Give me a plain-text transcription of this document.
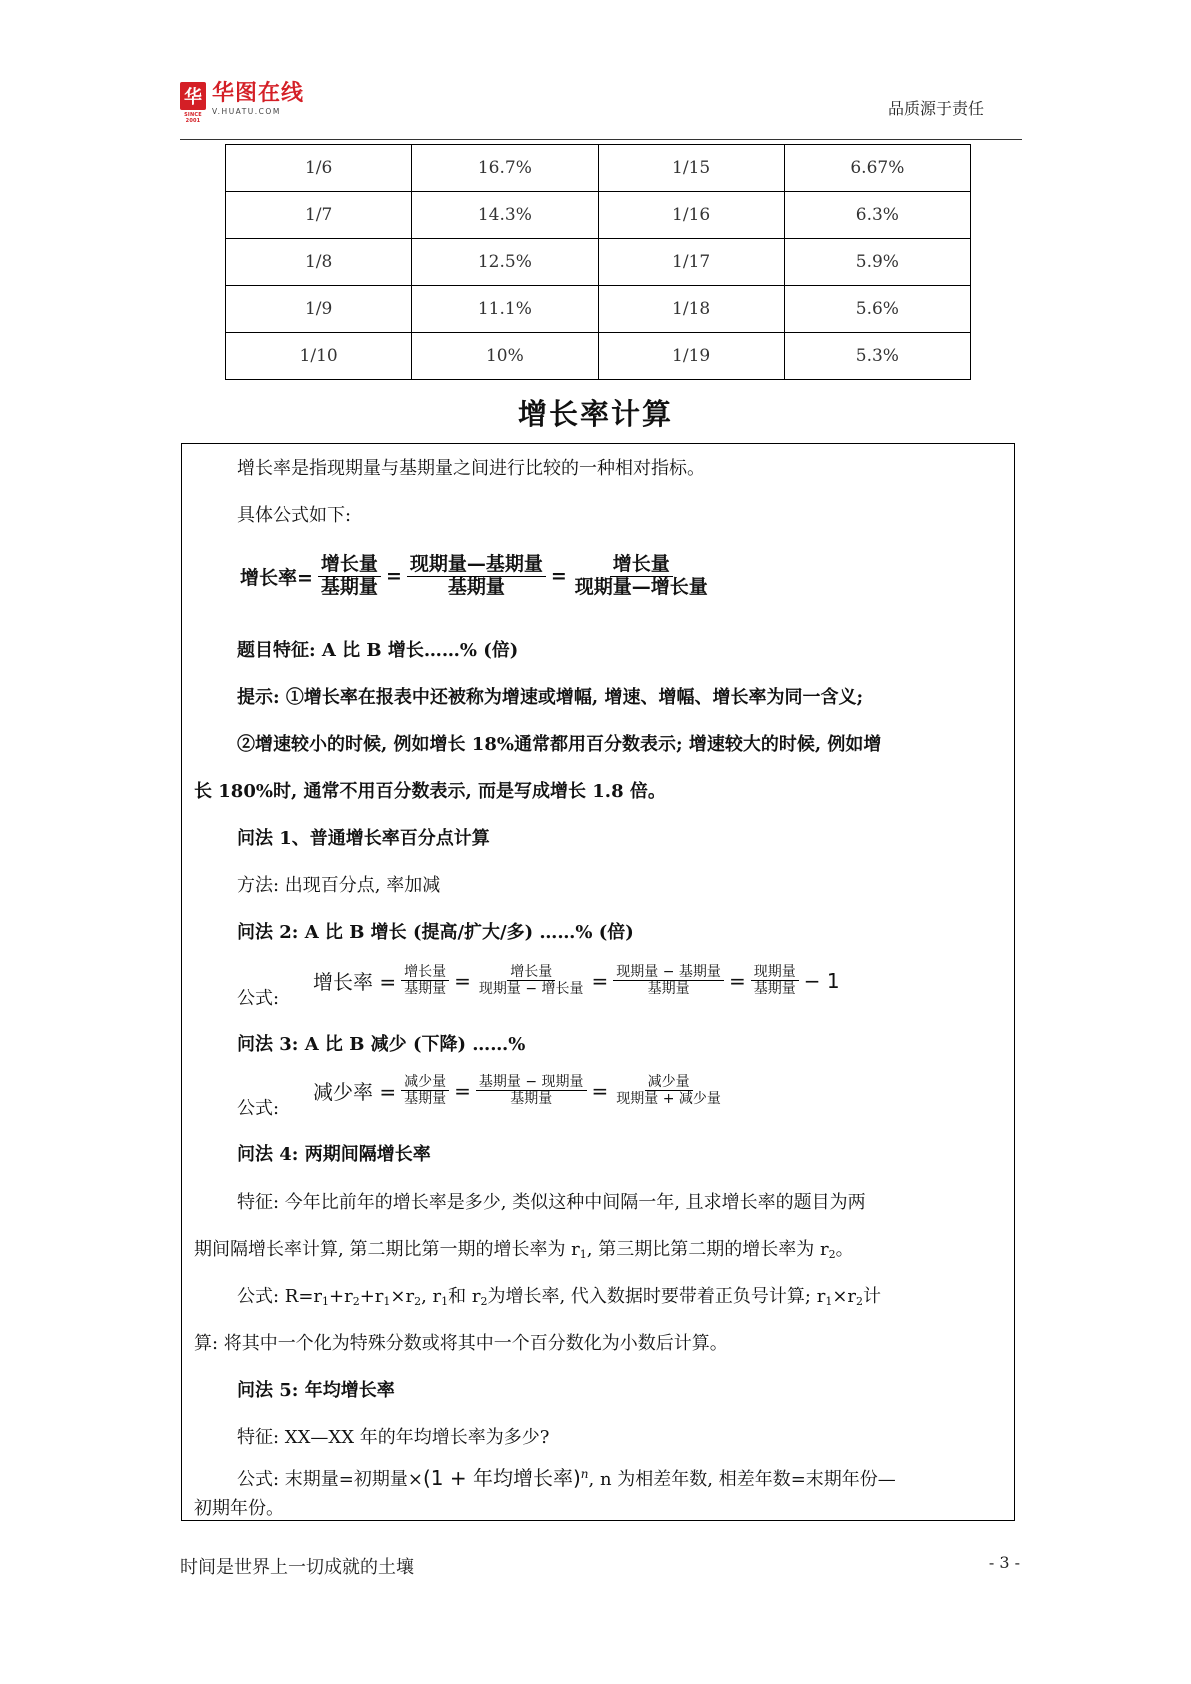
华
SINCE 2001
华图在线
V.HUATU.COM	品质源于责任
1/6	16.7%	1/15	6.67%
1/7	14.3%	1/16	6.3%
1/8	12.5%	1/17	5.9%
1/9	11.1%	1/18	5.6%
1/10	10%	1/19	5.3%
增长率计算
增长率是指现期量与基期量之间进行比较的一种相对指标。
具体公式如下:
增长率= $\frac{\text{增长量}}{\text{基期量}} = \frac{\text{现期量—基期量}}{\text{基期量}} = \frac{\text{增长量}}{\text{现期量—增长量}}$
题目特征: A 比 B 增长……% (倍)
提示: ①增长率在报表中还被称为增速或增幅, 增速、增幅、增长率为同一含义;
②增速较小的时候, 例如增长 18%通常都用百分数表示; 增速较大的时候, 例如增
长 180%时, 通常不用百分数表示, 而是写成增长 1.8 倍。
问法 1、普通增长率百分点计算
方法: 出现百分点, 率加减
问法 2: A 比 B 增长 (提高/扩大/多) ……% (倍)
公式:
增长率 = $\frac{\text{增长量}}{\text{基期量}} = \frac{\text{增长量}}{\text{现期量 − 增长量}} = \frac{\text{现期量 − 基期量}}{\text{基期量}} = \frac{\text{现期量}}{\text{基期量}} - 1$
问法 3: A 比 B 减少 (下降) ……%
公式:
减少率 = $\frac{\text{减少量}}{\text{基期量}} = \frac{\text{基期量 − 现期量}}{\text{基期量}} = \frac{\text{减少量}}{\text{现期量 + 减少量}}$
问法 4: 两期间隔增长率
特征: 今年比前年的增长率是多少, 类似这种中间隔一年, 且求增长率的题目为两
期间隔增长率计算, 第二期比第一期的增长率为 $r_1$, 第三期比第二期的增长率为 $r_2$。
公式: $R=r_1+r_2+r_1\times r_2$, $r_1$和 $r_2$为增长率, 代入数据时要带着正负号计算; $r_1\times r_2$计
算: 将其中一个化为特殊分数或将其中一个百分数化为小数后计算。
问法 5: 年均增长率
特征: XX—XX 年的年均增长率为多少?
公式: 末期量=初期量×(1 + 年均增长率)$^n$, n 为相差年数, 相差年数=末期年份—
初期年份。
时间是世界上一切成就的土壤	- 3 -
